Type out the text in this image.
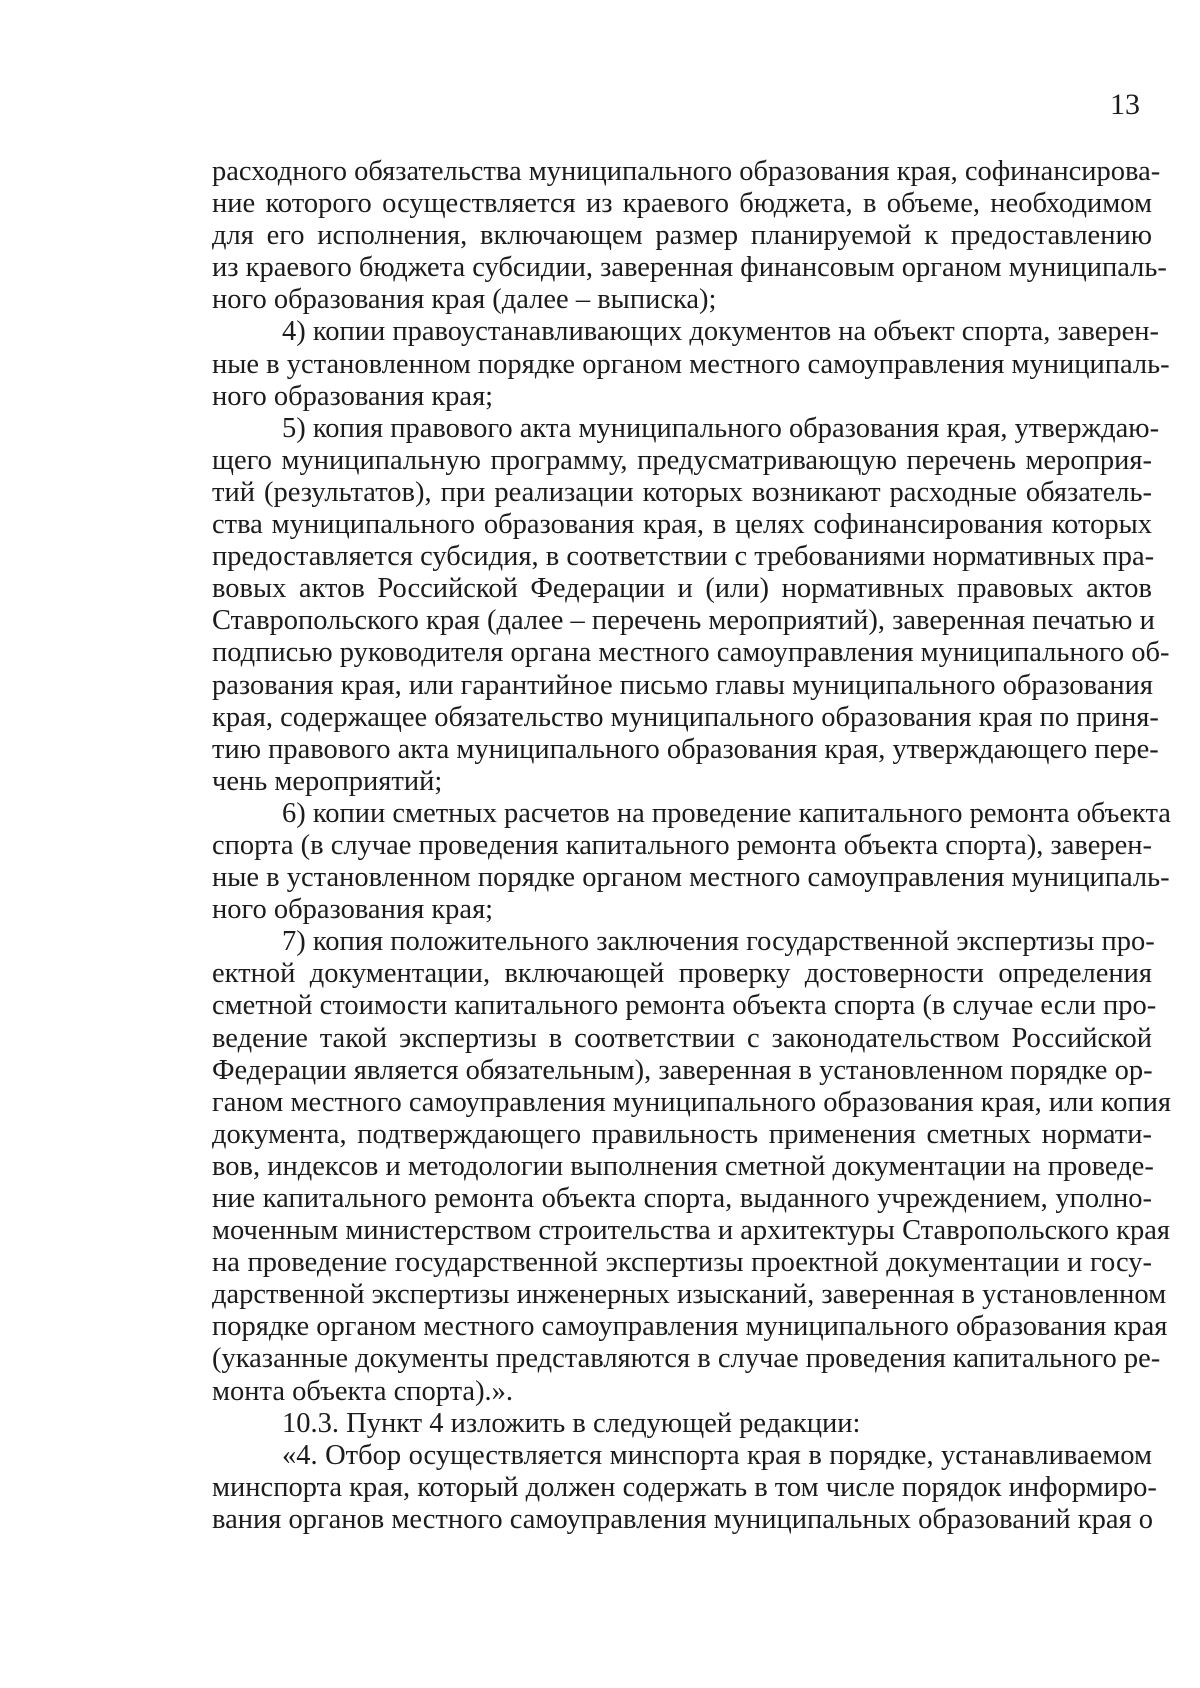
13
расходного обязательства муниципального образования края, софинансирова-
ние которого осуществляется из краевого бюджета, в объеме, необходимом
для его исполнения, включающем размер планируемой к предоставлению
из краевого бюджета субсидии, заверенная финансовым органом муниципаль-
ного образования края (далее – выписка);
4) копии правоустанавливающих документов на объект спорта, заверен-
ные в установленном порядке органом местного самоуправления муниципаль-
ного образования края;
5) копия правового акта муниципального образования края, утверждаю-
щего муниципальную программу, предусматривающую перечень мероприя-
тий (результатов), при реализации которых возникают расходные обязатель-
ства муниципального образования края, в целях софинансирования которых
предоставляется субсидия, в соответствии с требованиями нормативных пра-
вовых актов Российской Федерации и (или) нормативных правовых актов
Ставропольского края (далее – перечень мероприятий), заверенная печатью и
подписью руководителя органа местного самоуправления муниципального об-
разования края, или гарантийное письмо главы муниципального образования
края, содержащее обязательство муниципального образования края по приня-
тию правового акта муниципального образования края, утверждающего пере-
чень мероприятий;
6) копии сметных расчетов на проведение капитального ремонта объекта
спорта (в случае проведения капитального ремонта объекта спорта), заверен-
ные в установленном порядке органом местного самоуправления муниципаль-
ного образования края;
7) копия положительного заключения государственной экспертизы про-
ектной документации, включающей проверку достоверности определения
сметной стоимости капитального ремонта объекта спорта (в случае если про-
ведение такой экспертизы в соответствии с законодательством Российской
Федерации является обязательным), заверенная в установленном порядке ор-
ганом местного самоуправления муниципального образования края, или копия
документа, подтверждающего правильность применения сметных нормати-
вов, индексов и методологии выполнения сметной документации на проведе-
ние капитального ремонта объекта спорта, выданного учреждением, уполно-
моченным министерством строительства и архитектуры Ставропольского края
на проведение государственной экспертизы проектной документации и госу-
дарственной экспертизы инженерных изысканий, заверенная в установленном
порядке органом местного самоуправления муниципального образования края
(указанные документы представляются в случае проведения капитального ре-
монта объекта спорта).».
10.3. Пункт 4 изложить в следующей редакции:
«4. Отбор осуществляется минспорта края в порядке, устанавливаемом
минспорта края, который должен содержать в том числе порядок информиро-
вания органов местного самоуправления муниципальных образований края о
